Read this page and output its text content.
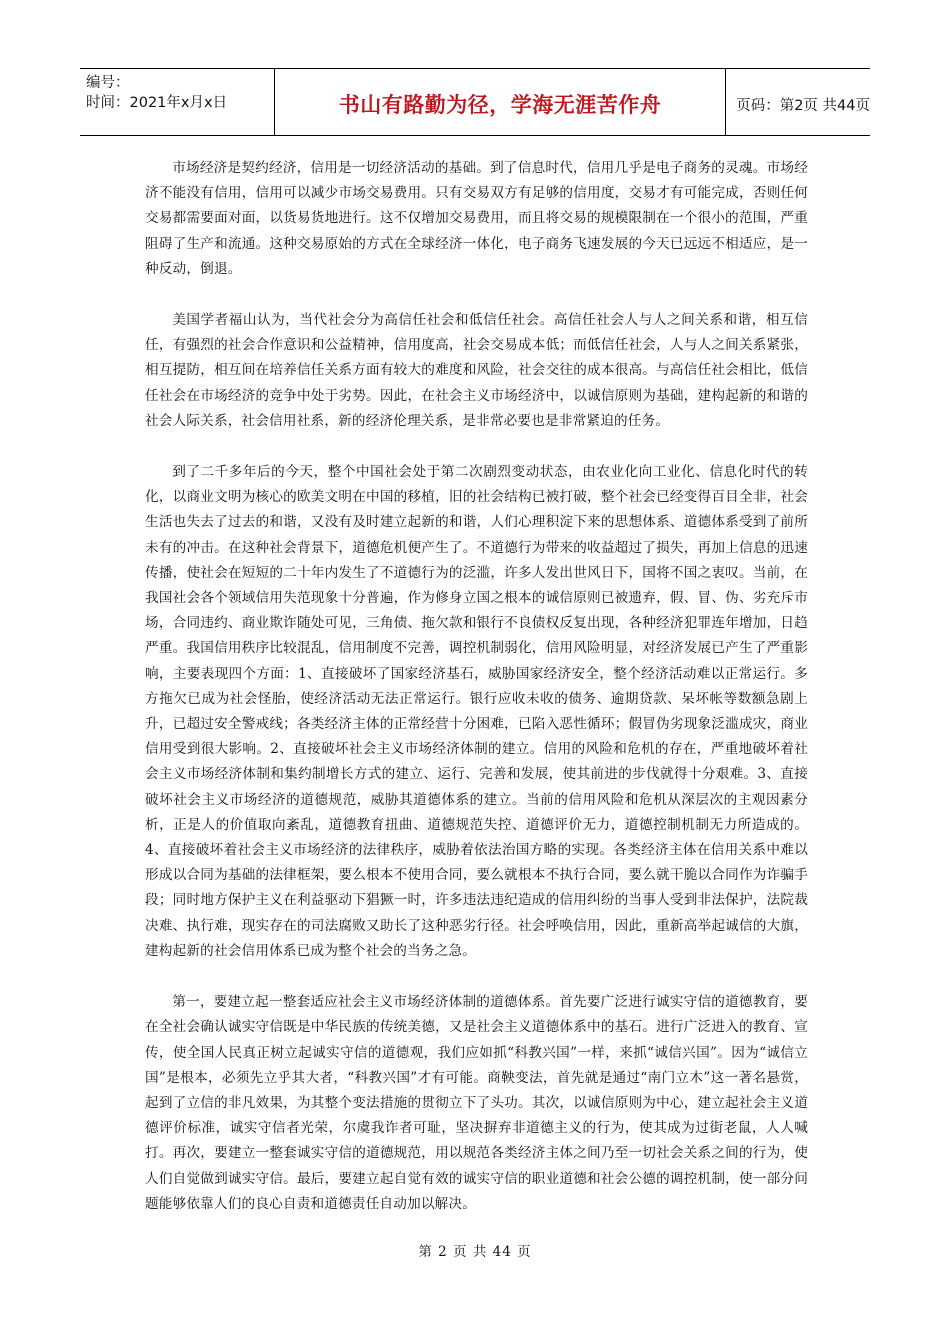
编号：
时间：2021年x月x日	书山有路勤为径，学海无涯苦作舟	页码：第2页 共44页

市场经济是契约经济，信用是一切经济活动的基础。到了信息时代，信用几乎是电子商务的灵魂。市场经济不能没有信用，信用可以减少市场交易费用。只有交易双方有足够的信用度，交易才有可能完成，否则任何交易都需要面对面，以货易货地进行。这不仅增加交易费用，而且将交易的规模限制在一个很小的范围，严重阻碍了生产和流通。这种交易原始的方式在全球经济一体化，电子商务飞速发展的今天已远远不相适应，是一种反动，倒退。

美国学者福山认为，当代社会分为高信任社会和低信任社会。高信任社会人与人之间关系和谐，相互信任，有强烈的社会合作意识和公益精神，信用度高，社会交易成本低；而低信任社会，人与人之间关系紧张，相互提防，相互间在培养信任关系方面有较大的难度和风险，社会交往的成本很高。与高信任社会相比，低信任社会在市场经济的竞争中处于劣势。因此，在社会主义市场经济中，以诚信原则为基础，建构起新的和谐的社会人际关系，社会信用社系，新的经济伦理关系，是非常必要也是非常紧迫的任务。

到了二千多年后的今天，整个中国社会处于第二次剧烈变动状态，由农业化向工业化、信息化时代的转化，以商业文明为核心的欧美文明在中国的移植，旧的社会结构已被打破，整个社会已经变得百目全非，社会生活也失去了过去的和谐，又没有及时建立起新的和谐，人们心理积淀下来的思想体系、道德体系受到了前所未有的冲击。在这种社会背景下，道德危机便产生了。不道德行为带来的收益超过了损失，再加上信息的迅速传播，使社会在短短的二十年内发生了不道德行为的泛滥，许多人发出世风日下，国将不国之衷叹。当前，在我国社会各个领域信用失范现象十分普遍，作为修身立国之根本的诚信原则已被遗弃，假、冒、伪、劣充斥市场，合同违约、商业欺诈随处可见，三角债、拖欠款和银行不良债权反复出现，各种经济犯罪连年增加，日趋严重。我国信用秩序比较混乱，信用制度不完善，调控机制弱化，信用风险明显，对经济发展已产生了严重影响，主要表现四个方面：1、直接破坏了国家经济基石，威胁国家经济安全，整个经济活动难以正常运行。多方拖欠已成为社会怪胎，使经济活动无法正常运行。银行应收未收的债务、逾期贷款、呆坏帐等数额急剧上升，已超过安全警戒线；各类经济主体的正常经营十分困难，已陷入恶性循环；假冒伪劣现象泛滥成灾，商业信用受到很大影响。2、直接破坏社会主义市场经济体制的建立。信用的风险和危机的存在，严重地破坏着社会主义市场经济体制和集约制增长方式的建立、运行、完善和发展，使其前进的步伐就得十分艰难。3、直接破坏社会主义市场经济的道德规范，威胁其道德体系的建立。当前的信用风险和危机从深层次的主观因素分析，正是人的价值取向紊乱，道德教育扭曲、道德规范失控、道德评价无力，道德控制机制无力所造成的。4、直接破坏着社会主义市场经济的法律秩序，威胁着依法治国方略的实现。各类经济主体在信用关系中难以形成以合同为基础的法律框架，要么根本不使用合同，要么就根本不执行合同，要么就干脆以合同作为诈骗手段；同时地方保护主义在利益驱动下猖獗一时，许多违法违纪造成的信用纠纷的当事人受到非法保护，法院裁决难、执行难，现实存在的司法腐败又助长了这种恶劣行径。社会呼唤信用，因此，重新高举起诚信的大旗，建构起新的社会信用体系已成为整个社会的当务之急。

第一，要建立起一整套适应社会主义市场经济体制的道德体系。首先要广泛进行诚实守信的道德教育，要在全社会确认诚实守信既是中华民族的传统美德，又是社会主义道德体系中的基石。进行广泛进入的教育、宣传，使全国人民真正树立起诚实守信的道德观，我们应如抓“科教兴国”一样，来抓“诚信兴国”。因为“诚信立国”是根本，必须先立乎其大者，“科教兴国”才有可能。商鞅变法，首先就是通过“南门立木”这一著名悬赏，起到了立信的非凡效果，为其整个变法措施的贯彻立下了头功。其次，以诚信原则为中心，建立起社会主义道德评价标准，诚实守信者光荣，尔虞我诈者可耻，坚决摒弃非道德主义的行为，使其成为过街老鼠，人人喊打。再次，要建立一整套诚实守信的道德规范，用以规范各类经济主体之间乃至一切社会关系之间的行为，使人们自觉做到诚实守信。最后，要建立起自觉有效的诚实守信的职业道德和社会公德的调控机制，使一部分问题能够依靠人们的良心自责和道德责任自动加以解决。

第 2 页 共 44 页
